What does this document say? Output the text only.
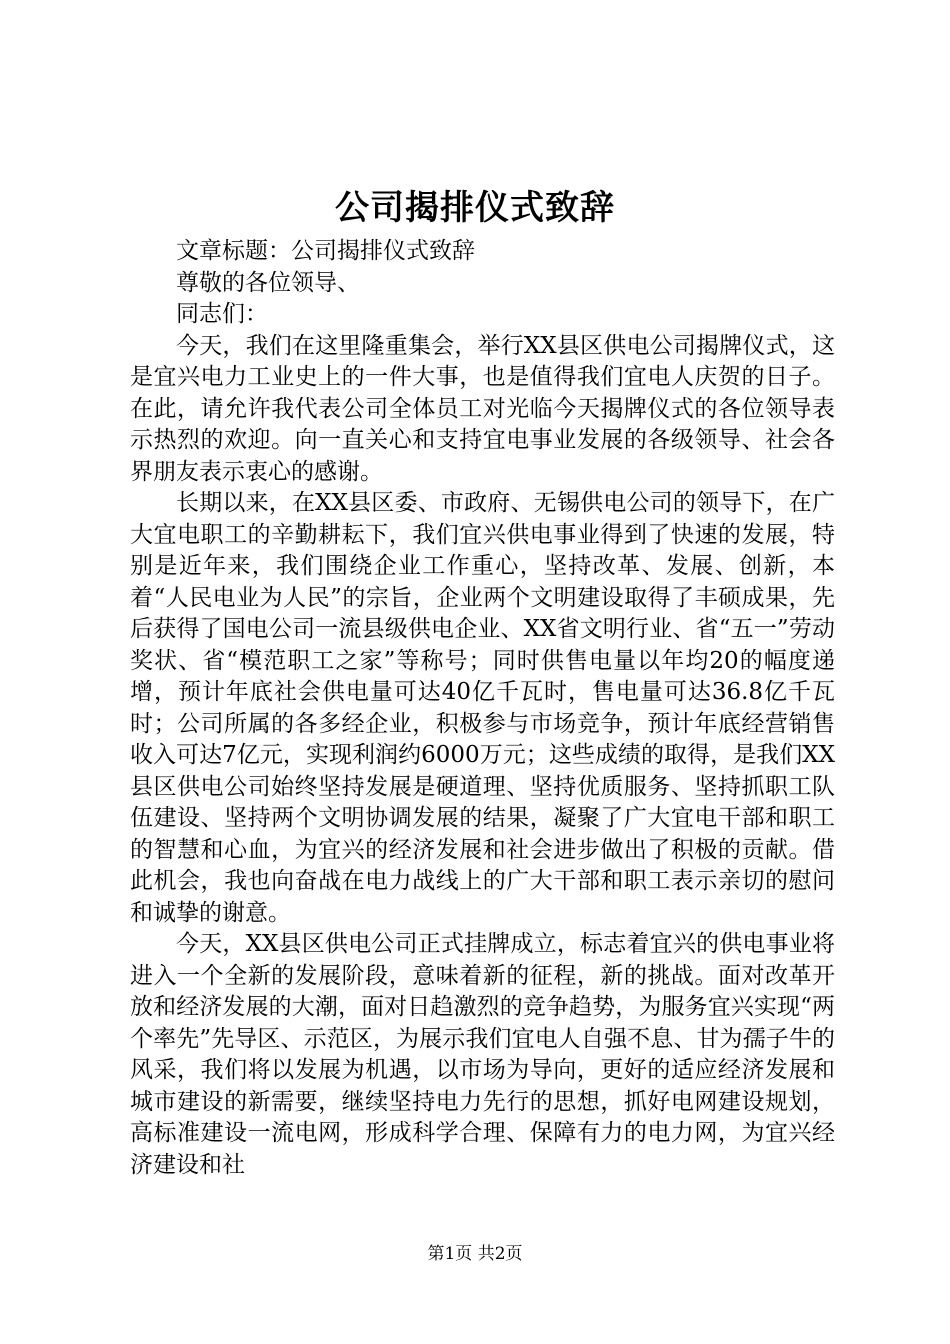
公司揭排仪式致辞

文章标题：公司揭排仪式致辞

尊敬的各位领导、

同志们：

今天，我们在这里隆重集会，举行XX县区供电公司揭牌仪式，这是宜兴电力工业史上的一件大事，也是值得我们宜电人庆贺的日子。在此，请允许我代表公司全体员工对光临今天揭牌仪式的各位领导表示热烈的欢迎。向一直关心和支持宜电事业发展的各级领导、社会各界朋友表示衷心的感谢。

长期以来，在XX县区委、市政府、无锡供电公司的领导下，在广大宜电职工的辛勤耕耘下，我们宜兴供电事业得到了快速的发展，特别是近年来，我们围绕企业工作重心，坚持改革、发展、创新，本着“人民电业为人民”的宗旨，企业两个文明建设取得了丰硕成果，先后获得了国电公司一流县级供电企业、XX省文明行业、省“五一”劳动奖状、省“模范职工之家”等称号；同时供售电量以年均20的幅度递增，预计年底社会供电量可达40亿千瓦时，售电量可达36.8亿千瓦时；公司所属的各多经企业，积极参与市场竞争，预计年底经营销售收入可达7亿元，实现利润约6000万元；这些成绩的取得，是我们XX县区供电公司始终坚持发展是硬道理、坚持优质服务、坚持抓职工队伍建设、坚持两个文明协调发展的结果，凝聚了广大宜电干部和职工的智慧和心血，为宜兴的经济发展和社会进步做出了积极的贡献。借此机会，我也向奋战在电力战线上的广大干部和职工表示亲切的慰问和诚挚的谢意。

今天，XX县区供电公司正式挂牌成立，标志着宜兴的供电事业将进入一个全新的发展阶段，意味着新的征程，新的挑战。面对改革开放和经济发展的大潮，面对日趋激烈的竞争趋势，为服务宜兴实现“两个率先”先导区、示范区，为展示我们宜电人自强不息、甘为孺子牛的风采，我们将以发展为机遇，以市场为导向，更好的适应经济发展和城市建设的新需要，继续坚持电力先行的思想，抓好电网建设规划，高标准建设一流电网，形成科学合理、保障有力的电力网，为宜兴经济建设和社

第1页 共2页
